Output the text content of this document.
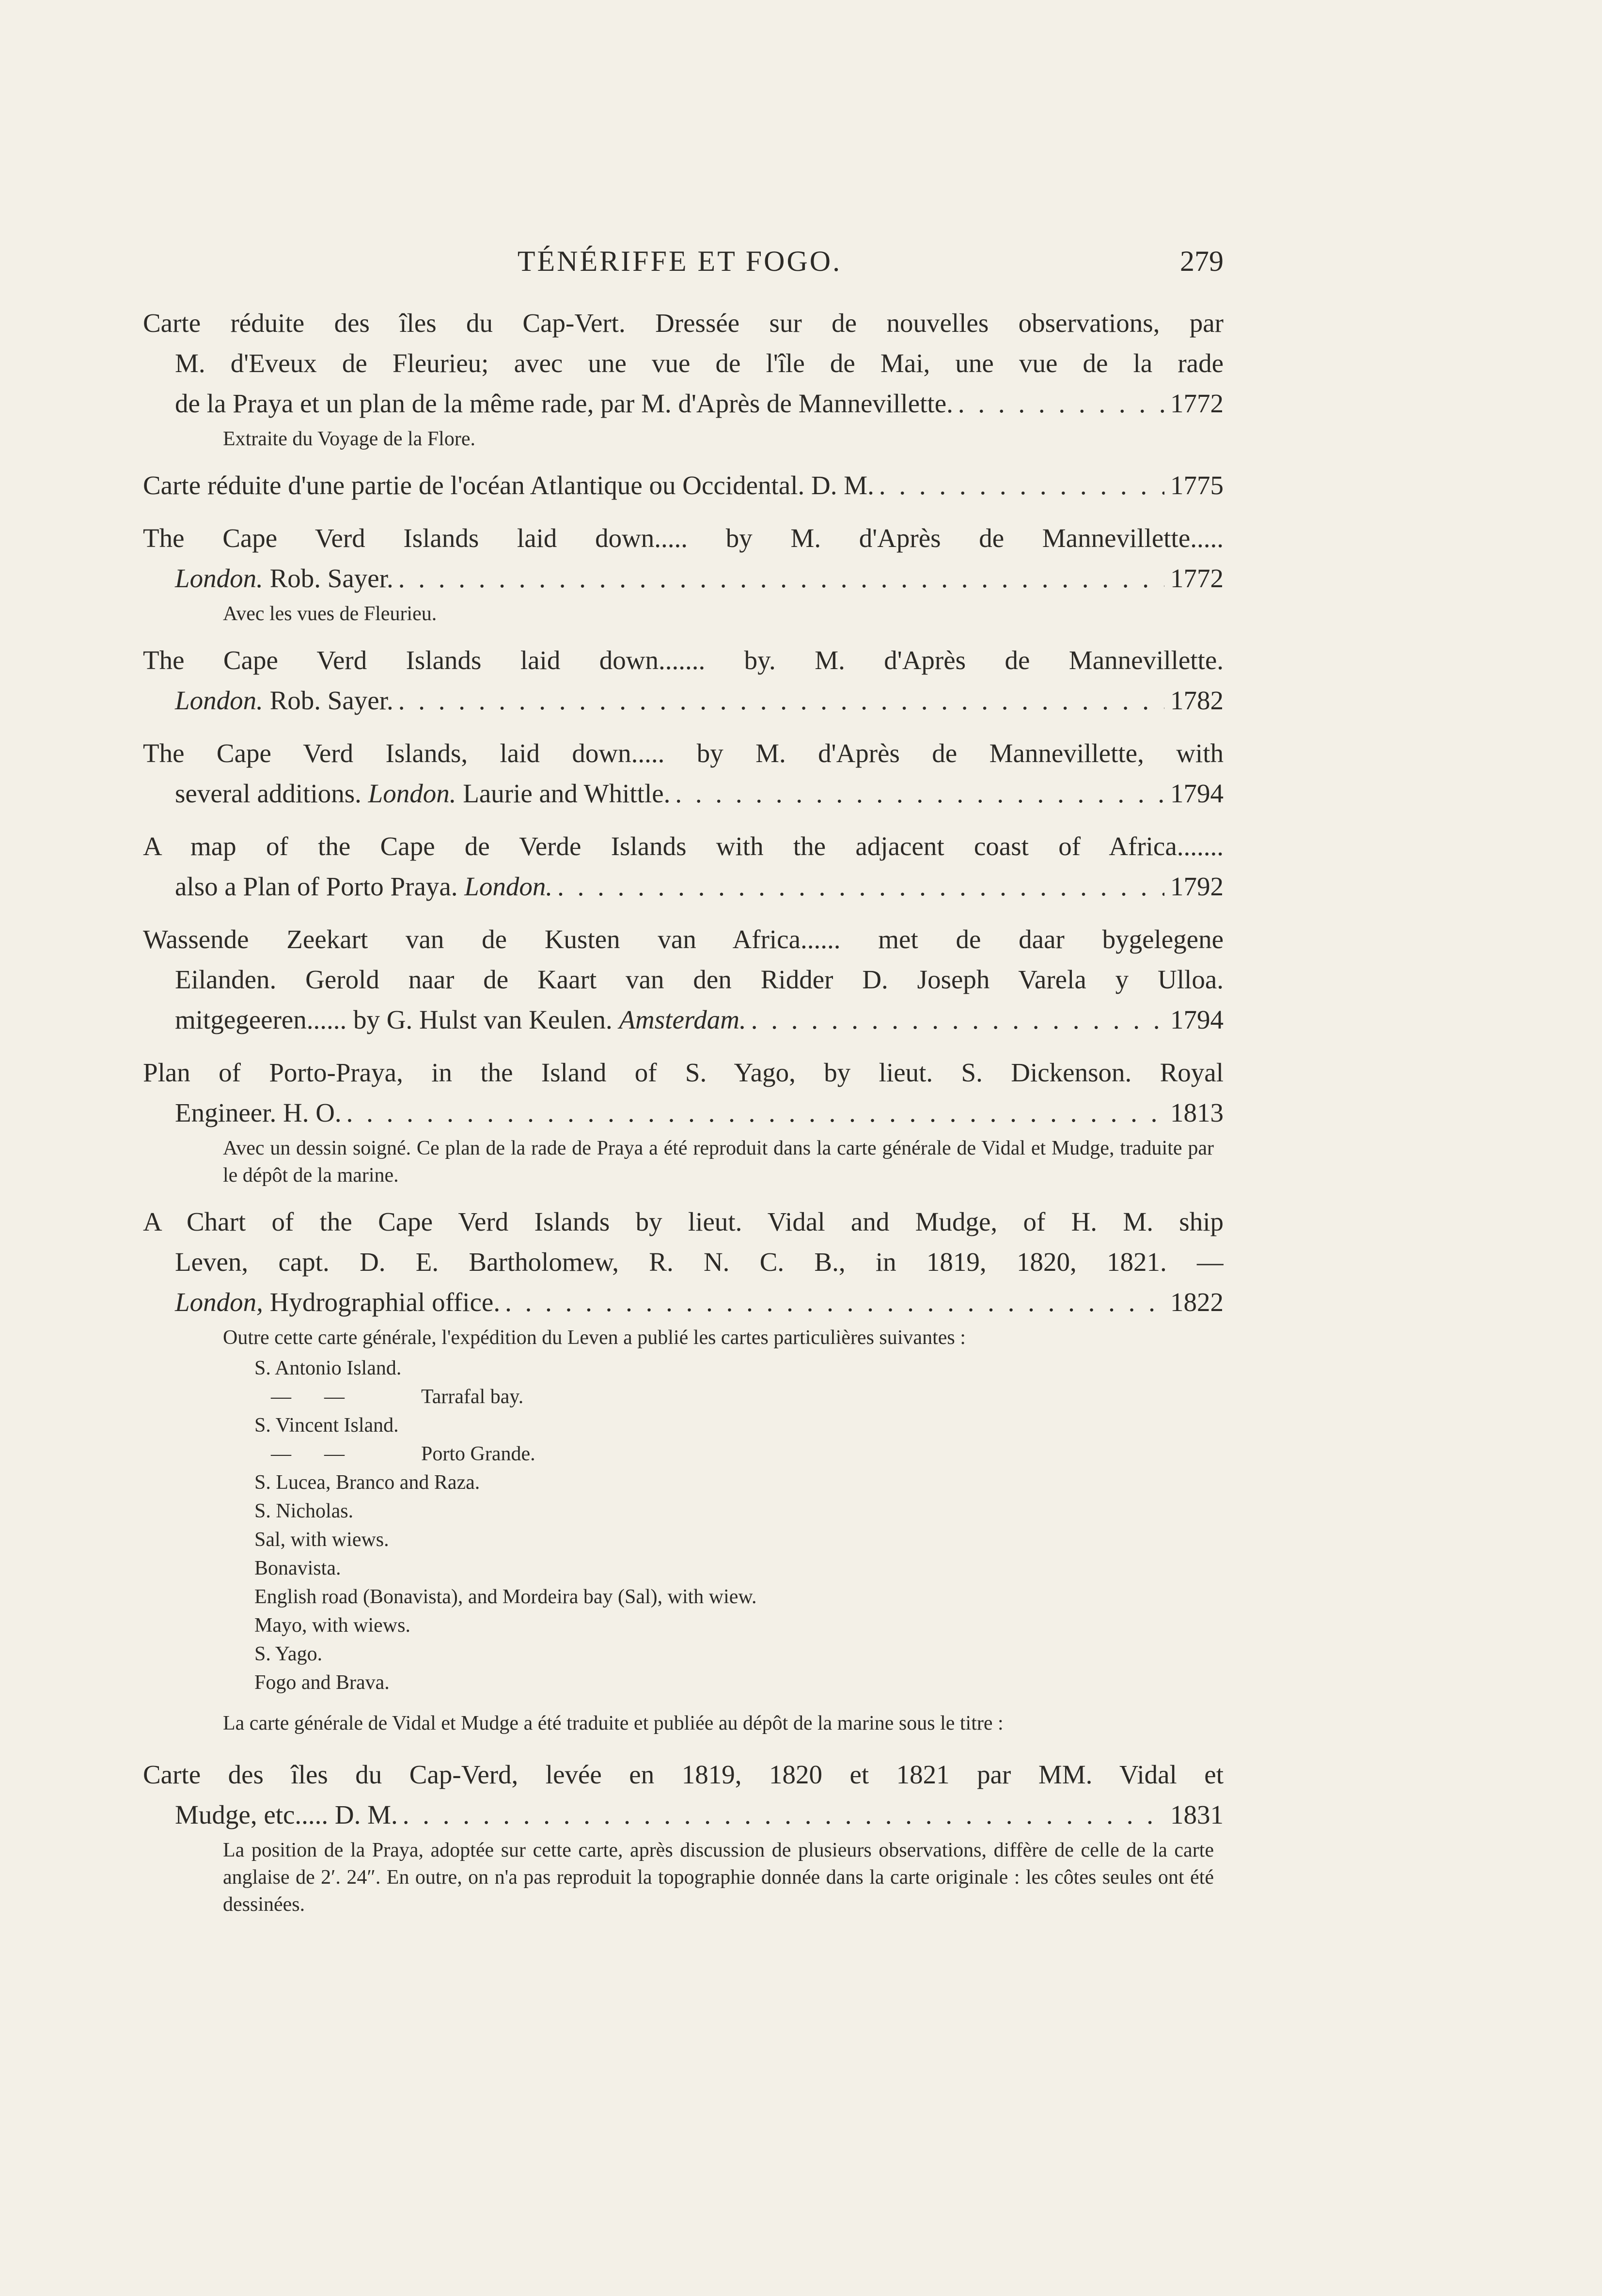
TÉNÉRIFFE ET FOGO.	279
Carte réduite des îles du Cap-Vert. Dressée sur de nouvelles observations, par
M. d'Eveux de Fleurieu; avec une vue de l'île de Mai, une vue de la rade
de la Praya et un plan de la même rade, par M. d'Après de Mannevillette. . . .	1772
Extraite du Voyage de la Flore.
Carte réduite d'une partie de l'océan Atlantique ou Occidental. D. M. . . .	1775
The Cape Verd Islands laid down..... by M. d'Après de Mannevillette.....
London. Rob. Sayer. . . .	1772
Avec les vues de Fleurieu.
The Cape Verd Islands laid down....... by. M. d'Après de Mannevillette.
London. Rob. Sayer. . . .	1782
The Cape Verd Islands, laid down..... by M. d'Après de Mannevillette, with
several additions. London. Laurie and Whittle. . . .	1794
A map of the Cape de Verde Islands with the adjacent coast of Africa.......
also a Plan of Porto Praya. London. . . .	1792
Wassende Zeekart van de Kusten van Africa...... met de daar bygelegene
Eilanden. Gerold naar de Kaart van den Ridder D. Joseph Varela y Ulloa.
mitgegeeren...... by G. Hulst van Keulen. Amsterdam. . . .	1794
Plan of Porto-Praya, in the Island of S. Yago, by lieut. S. Dickenson. Royal
Engineer. H. O. . . .	1813
Avec un dessin soigné. Ce plan de la rade de Praya a été reproduit dans la carte générale de Vidal et Mudge, traduite par le dépôt de la marine.
A Chart of the Cape Verd Islands by lieut. Vidal and Mudge, of H. M. ship
Leven, capt. D. E. Bartholomew, R. N. C. B., in 1819, 1820, 1821. —
London, Hydrographial office. . . .	1822
Outre cette carte générale, l'expédition du Leven a publié les cartes particulières suivantes :
S. Antonio Island.
— —	Tarrafal bay.
S. Vincent Island.
— —	Porto Grande.
S. Lucea, Branco and Raza.
S. Nicholas.
Sal, with wiews.
Bonavista.
English road (Bonavista), and Mordeira bay (Sal), with wiew.
Mayo, with wiews.
S. Yago.
Fogo and Brava.
La carte générale de Vidal et Mudge a été traduite et publiée au dépôt de la marine sous le titre :
Carte des îles du Cap-Verd, levée en 1819, 1820 et 1821 par MM. Vidal et
Mudge, etc..... D. M. . . .	1831
La position de la Praya, adoptée sur cette carte, après discussion de plusieurs observations, diffère de celle de la carte anglaise de 2′. 24″. En outre, on n'a pas reproduit la topographie donnée dans la carte originale : les côtes seules ont été dessinées.
